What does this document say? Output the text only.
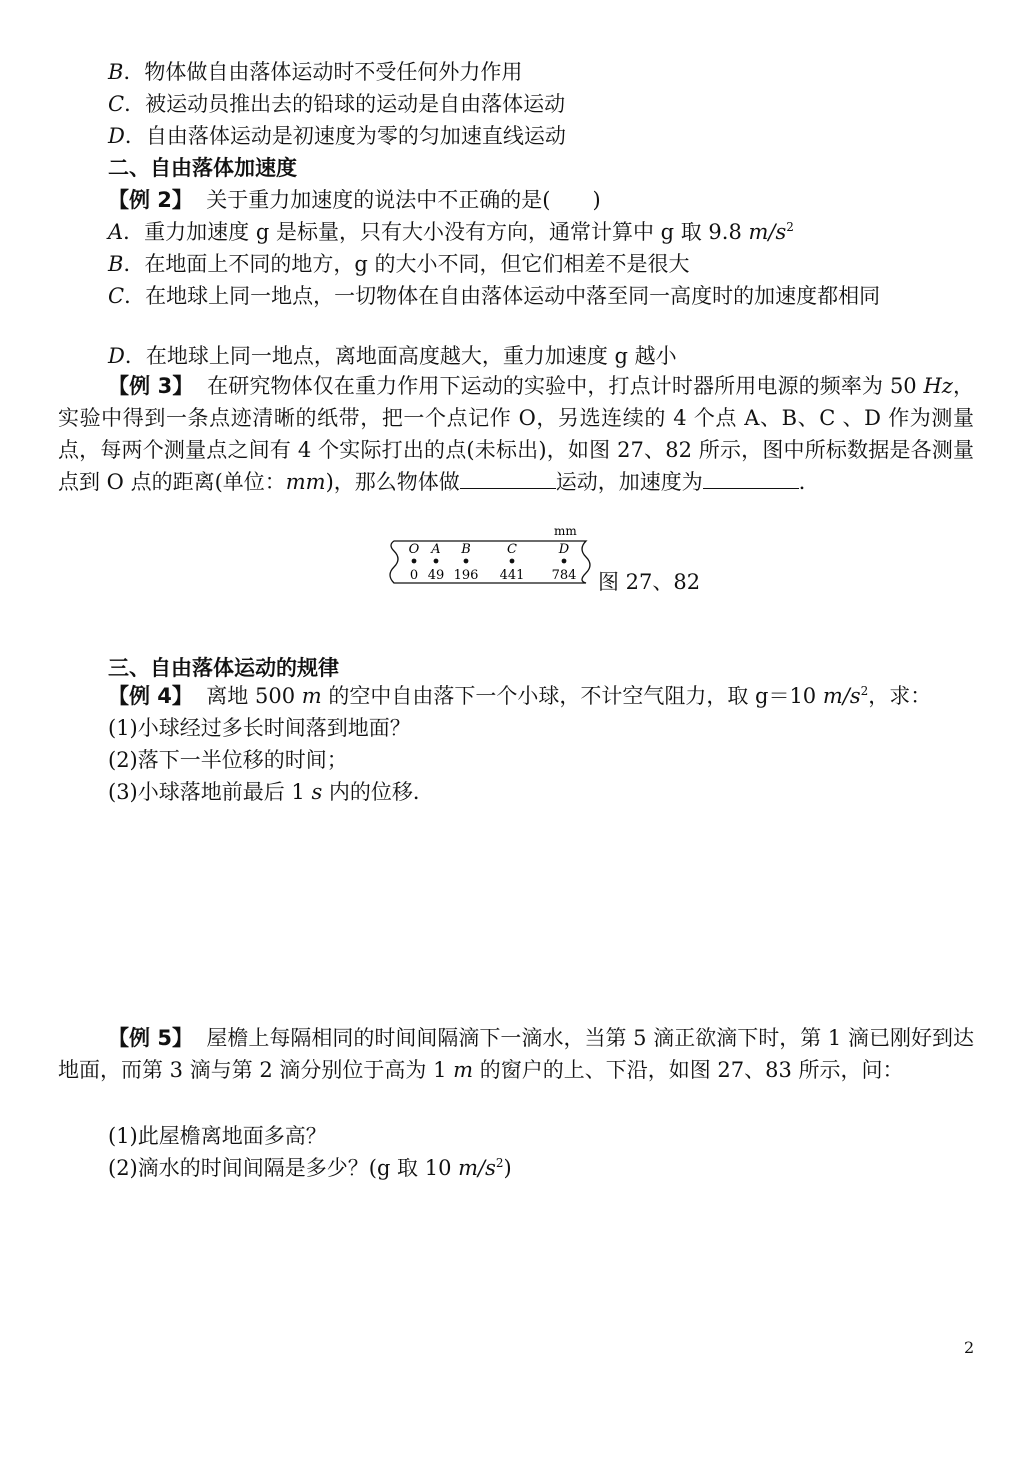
B．物体做自由落体运动时不受任何外力作用
C．被运动员推出去的铅球的运动是自由落体运动
D．自由落体运动是初速度为零的匀加速直线运动
二、自由落体加速度
【例 2】 关于重力加速度的说法中不正确的是(　　)
A．重力加速度 g 是标量，只有大小没有方向，通常计算中 g 取 9.8 $m/s^2$
B．在地面上不同的地方，g 的大小不同，但它们相差不是很大
C．在地球上同一地点，一切物体在自由落体运动中落至同一高度时的加速度都相同
D．在地球上同一地点，离地面高度越大，重力加速度 g 越小
【例 3】 在研究物体仅在重力作用下运动的实验中，打点计时器所用电源的频率为 50 Hz，实验中得到一条点迹清晰的纸带，把一个点记作 O，另选连续的 4 个点 A、B、C 、D 作为测量点，每两个测量点之间有 4 个实际打出的点(未标出)，如图 27、82 所示，图中所标数据是各测量点到 O 点的距离(单位：mm)，那么物体做	运动，加速度为	．
mm
O
0
A
49
B
196
C
441
D
784 图 27、82
三、自由落体运动的规律
【例 4】 离地 500 m 的空中自由落下一个小球，不计空气阻力，取 g＝10 $m/s^2$，求：
(1)小球经过多长时间落到地面？
(2)落下一半位移的时间；
(3)小球落地前最后 1 s 内的位移．
【例 5】 屋檐上每隔相同的时间间隔滴下一滴水，当第 5 滴正欲滴下时，第 1 滴已刚好到达地面，而第 3 滴与第 2 滴分别位于高为 1 m 的窗户的上、下沿，如图 27、83 所示，问：
(1)此屋檐离地面多高？
(2)滴水的时间间隔是多少？(g 取 10 $m/s^2$)
2
